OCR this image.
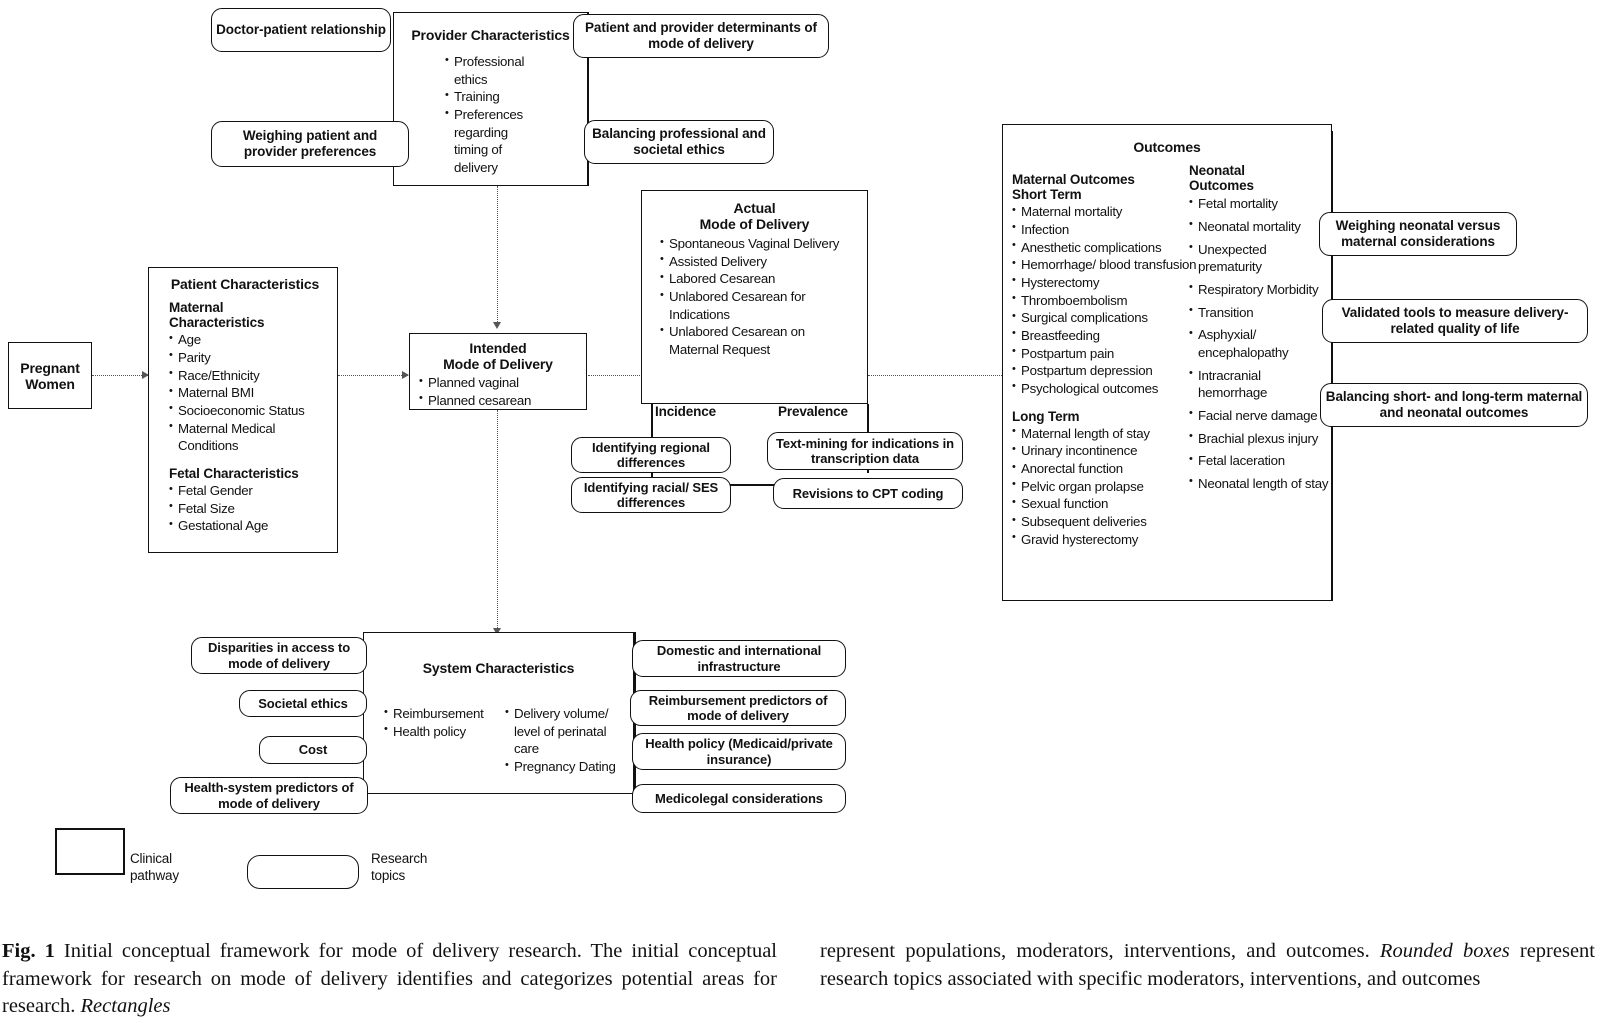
Pregnant
Women
Provider Characteristics
• Professional ethics
• Training
• Preferences regarding timing of delivery
Doctor-patient relationship
Weighing patient and provider preferences
Patient and provider determinants of mode of delivery
Balancing professional and societal ethics
Patient Characteristics
Maternal Characteristics
• Age
• Parity
• Race/Ethnicity
• Maternal BMI
• Socioeconomic Status
• Maternal Medical Conditions
Fetal Characteristics
• Fetal Gender
• Fetal Size
• Gestational Age
Intended
Mode of Delivery
• Planned vaginal
• Planned cesarean
Actual
Mode of Delivery
• Spontaneous Vaginal Delivery
• Assisted Delivery
• Labored Cesarean
• Unlabored Cesarean for Indications
• Unlabored Cesarean on Maternal Request
Incidence	Prevalence
Identifying regional differences
Identifying racial/ SES differences
Text-mining for indications in transcription data
Revisions to CPT coding
Outcomes
Maternal Outcomes
Short Term
• Maternal mortality
• Infection
• Anesthetic complications
• Hemorrhage/ blood transfusion
• Hysterectomy
• Thromboembolism
• Surgical complications
• Breastfeeding
• Postpartum pain
• Postpartum depression
• Psychological outcomes
Long Term
• Maternal length of stay
• Urinary incontinence
• Anorectal function
• Pelvic organ prolapse
• Sexual function
• Subsequent deliveries
• Gravid hysterectomy
Neonatal
Outcomes
• Fetal mortality
• Neonatal mortality
• Unexpected prematurity
• Respiratory Morbidity
• Transition
• Asphyxial/ encephalopathy
• Intracranial hemorrhage
• Facial nerve damage
• Brachial plexus injury
• Fetal laceration
• Neonatal length of stay
Weighing neonatal versus maternal considerations
Validated tools to measure delivery-related quality of life
Balancing short- and long-term maternal and neonatal outcomes
System Characteristics
• Reimbursement
• Health policy
• Delivery volume/ level of perinatal care
• Pregnancy Dating
Disparities in access to mode of delivery
Societal ethics
Cost
Health-system predictors of mode of delivery
Domestic and international infrastructure
Reimbursement predictors of mode of delivery
Health policy (Medicaid/private insurance)
Medicolegal considerations
Clinical
pathway
Research
topics
Fig. 1 Initial conceptual framework for mode of delivery research. The initial conceptual framework for research on mode of delivery identifies and categorizes potential areas for research. Rectangles
represent populations, moderators, interventions, and outcomes. Rounded boxes represent research topics associated with specific moderators, interventions, and outcomes
